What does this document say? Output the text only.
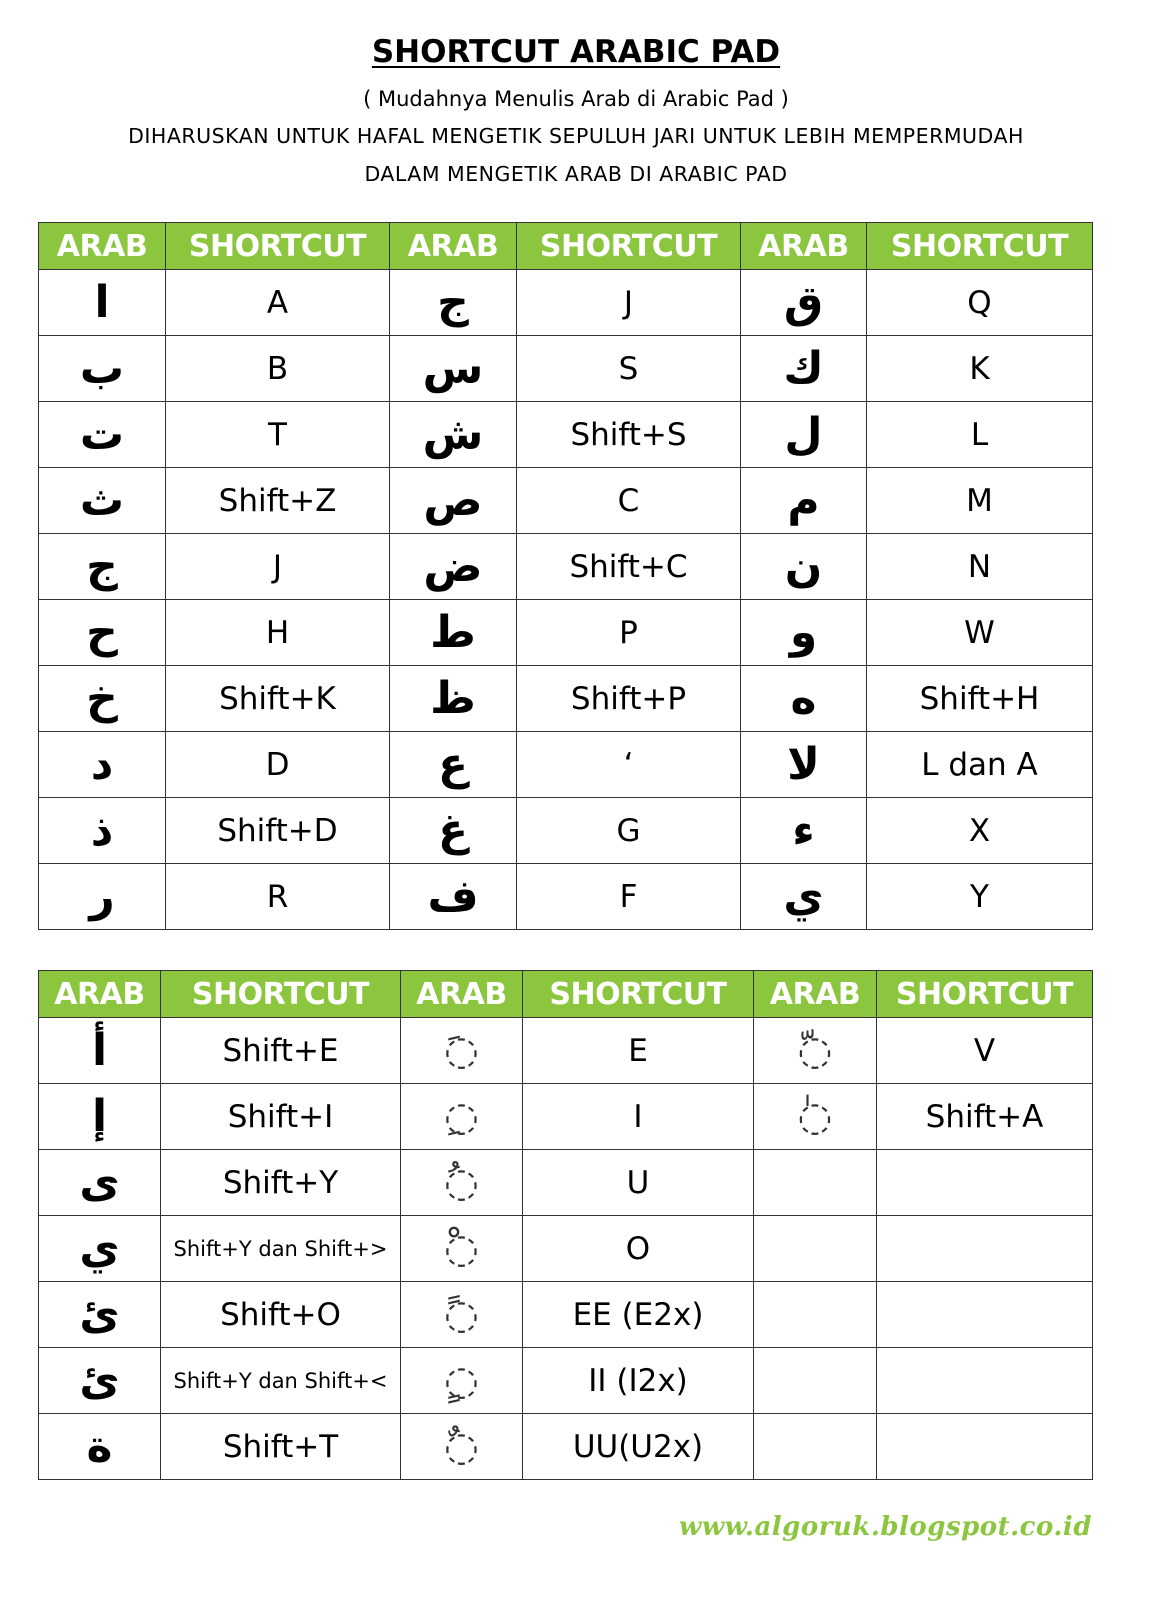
SHORTCUT ARABIC PAD
( Mudahnya Menulis Arab di Arabic Pad )
DIHARUSKAN UNTUK HAFAL MENGETIK SEPULUH JARI UNTUK LEBIH MEMPERMUDAH
DALAM MENGETIK ARAB DI ARABIC PAD
ARAB	SHORTCUT	ARAB	SHORTCUT	ARAB	SHORTCUT
ا	A	ج	J	ق	Q
ب	B	س	S	ك	K
ت	T	ش	Shift+S	ل	L
ث	Shift+Z	ص	C	م	M
ج	J	ض	Shift+C	ن	N
ح	H	ط	P	و	W
خ	Shift+K	ظ	Shift+P	ه	Shift+H
د	D	ع	‘	لا	L dan A
ذ	Shift+D	غ	G	ء	X
ر	R	ف	F	ي	Y
ARAB	SHORTCUT	ARAB	SHORTCUT	ARAB	SHORTCUT
أ	Shift+E	◌َ	E	◌ّ	V
إ	Shift+I	◌ِ	I	◌ٰ	Shift+A
ى	Shift+Y	◌ُ	U		
ي	Shift+Y dan Shift+>	◌ْ	O		
ئ	Shift+O	◌ً	EE (E2x)		
ئ	Shift+Y dan Shift+<	◌ٍ	II (I2x)		
ة	Shift+T	◌ٌ	UU(U2x)		
www.algoruk.blogspot.co.id
